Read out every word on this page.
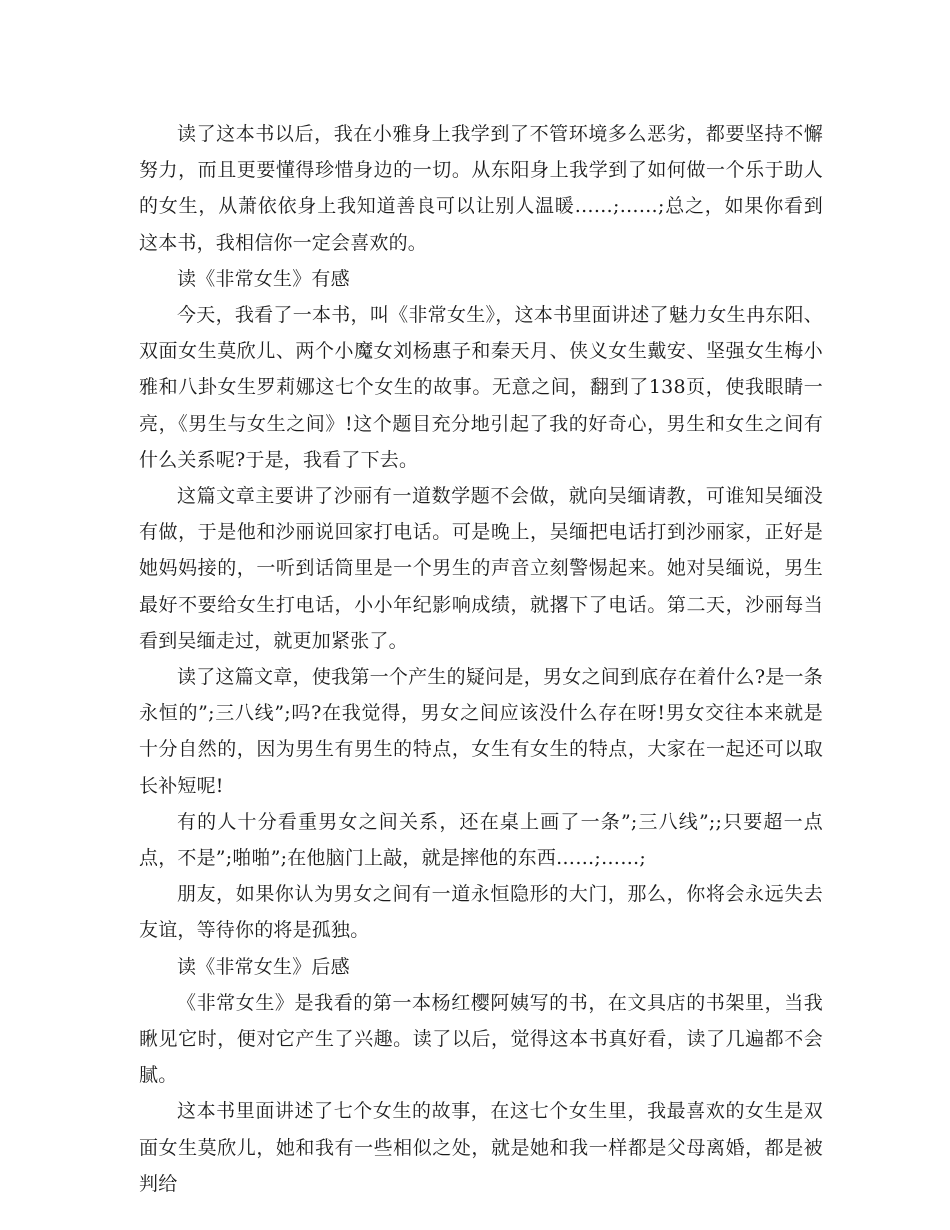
读了这本书以后，我在小雅身上我学到了不管环境多么恶劣，都要坚持不懈努力，而且更要懂得珍惜身边的一切。从东阳身上我学到了如何做一个乐于助人的女生，从萧依依身上我知道善良可以让别人温暖……;……;总之，如果你看到这本书，我相信你一定会喜欢的。

读《非常女生》有感

今天，我看了一本书，叫《非常女生》，这本书里面讲述了魅力女生冉东阳、双面女生莫欣儿、两个小魔女刘杨惠子和秦天月、侠义女生戴安、坚强女生梅小雅和八卦女生罗莉娜这七个女生的故事。无意之间，翻到了138页，使我眼睛一亮，《男生与女生之间》!这个题目充分地引起了我的好奇心，男生和女生之间有什么关系呢?于是，我看了下去。

这篇文章主要讲了沙丽有一道数学题不会做，就向吴缅请教，可谁知吴缅没有做，于是他和沙丽说回家打电话。可是晚上，吴缅把电话打到沙丽家，正好是她妈妈接的，一听到话筒里是一个男生的声音立刻警惕起来。她对吴缅说，男生最好不要给女生打电话，小小年纪影响成绩，就撂下了电话。第二天，沙丽每当看到吴缅走过，就更加紧张了。

读了这篇文章，使我第一个产生的疑问是，男女之间到底存在着什么?是一条永恒的”;三八线”;吗?在我觉得，男女之间应该没什么存在呀!男女交往本来就是十分自然的，因为男生有男生的特点，女生有女生的特点，大家在一起还可以取长补短呢!

有的人十分看重男女之间关系，还在桌上画了一条”;三八线”;;只要超一点点，不是”;啪啪”;在他脑门上敲，就是摔他的东西……;……;

朋友，如果你认为男女之间有一道永恒隐形的大门，那么，你将会永远失去友谊，等待你的将是孤独。

读《非常女生》后感

《非常女生》是我看的第一本杨红樱阿姨写的书，在文具店的书架里，当我瞅见它时，便对它产生了兴趣。读了以后，觉得这本书真好看，读了几遍都不会腻。

这本书里面讲述了七个女生的故事，在这七个女生里，我最喜欢的女生是双面女生莫欣儿，她和我有一些相似之处，就是她和我一样都是父母离婚，都是被判给
